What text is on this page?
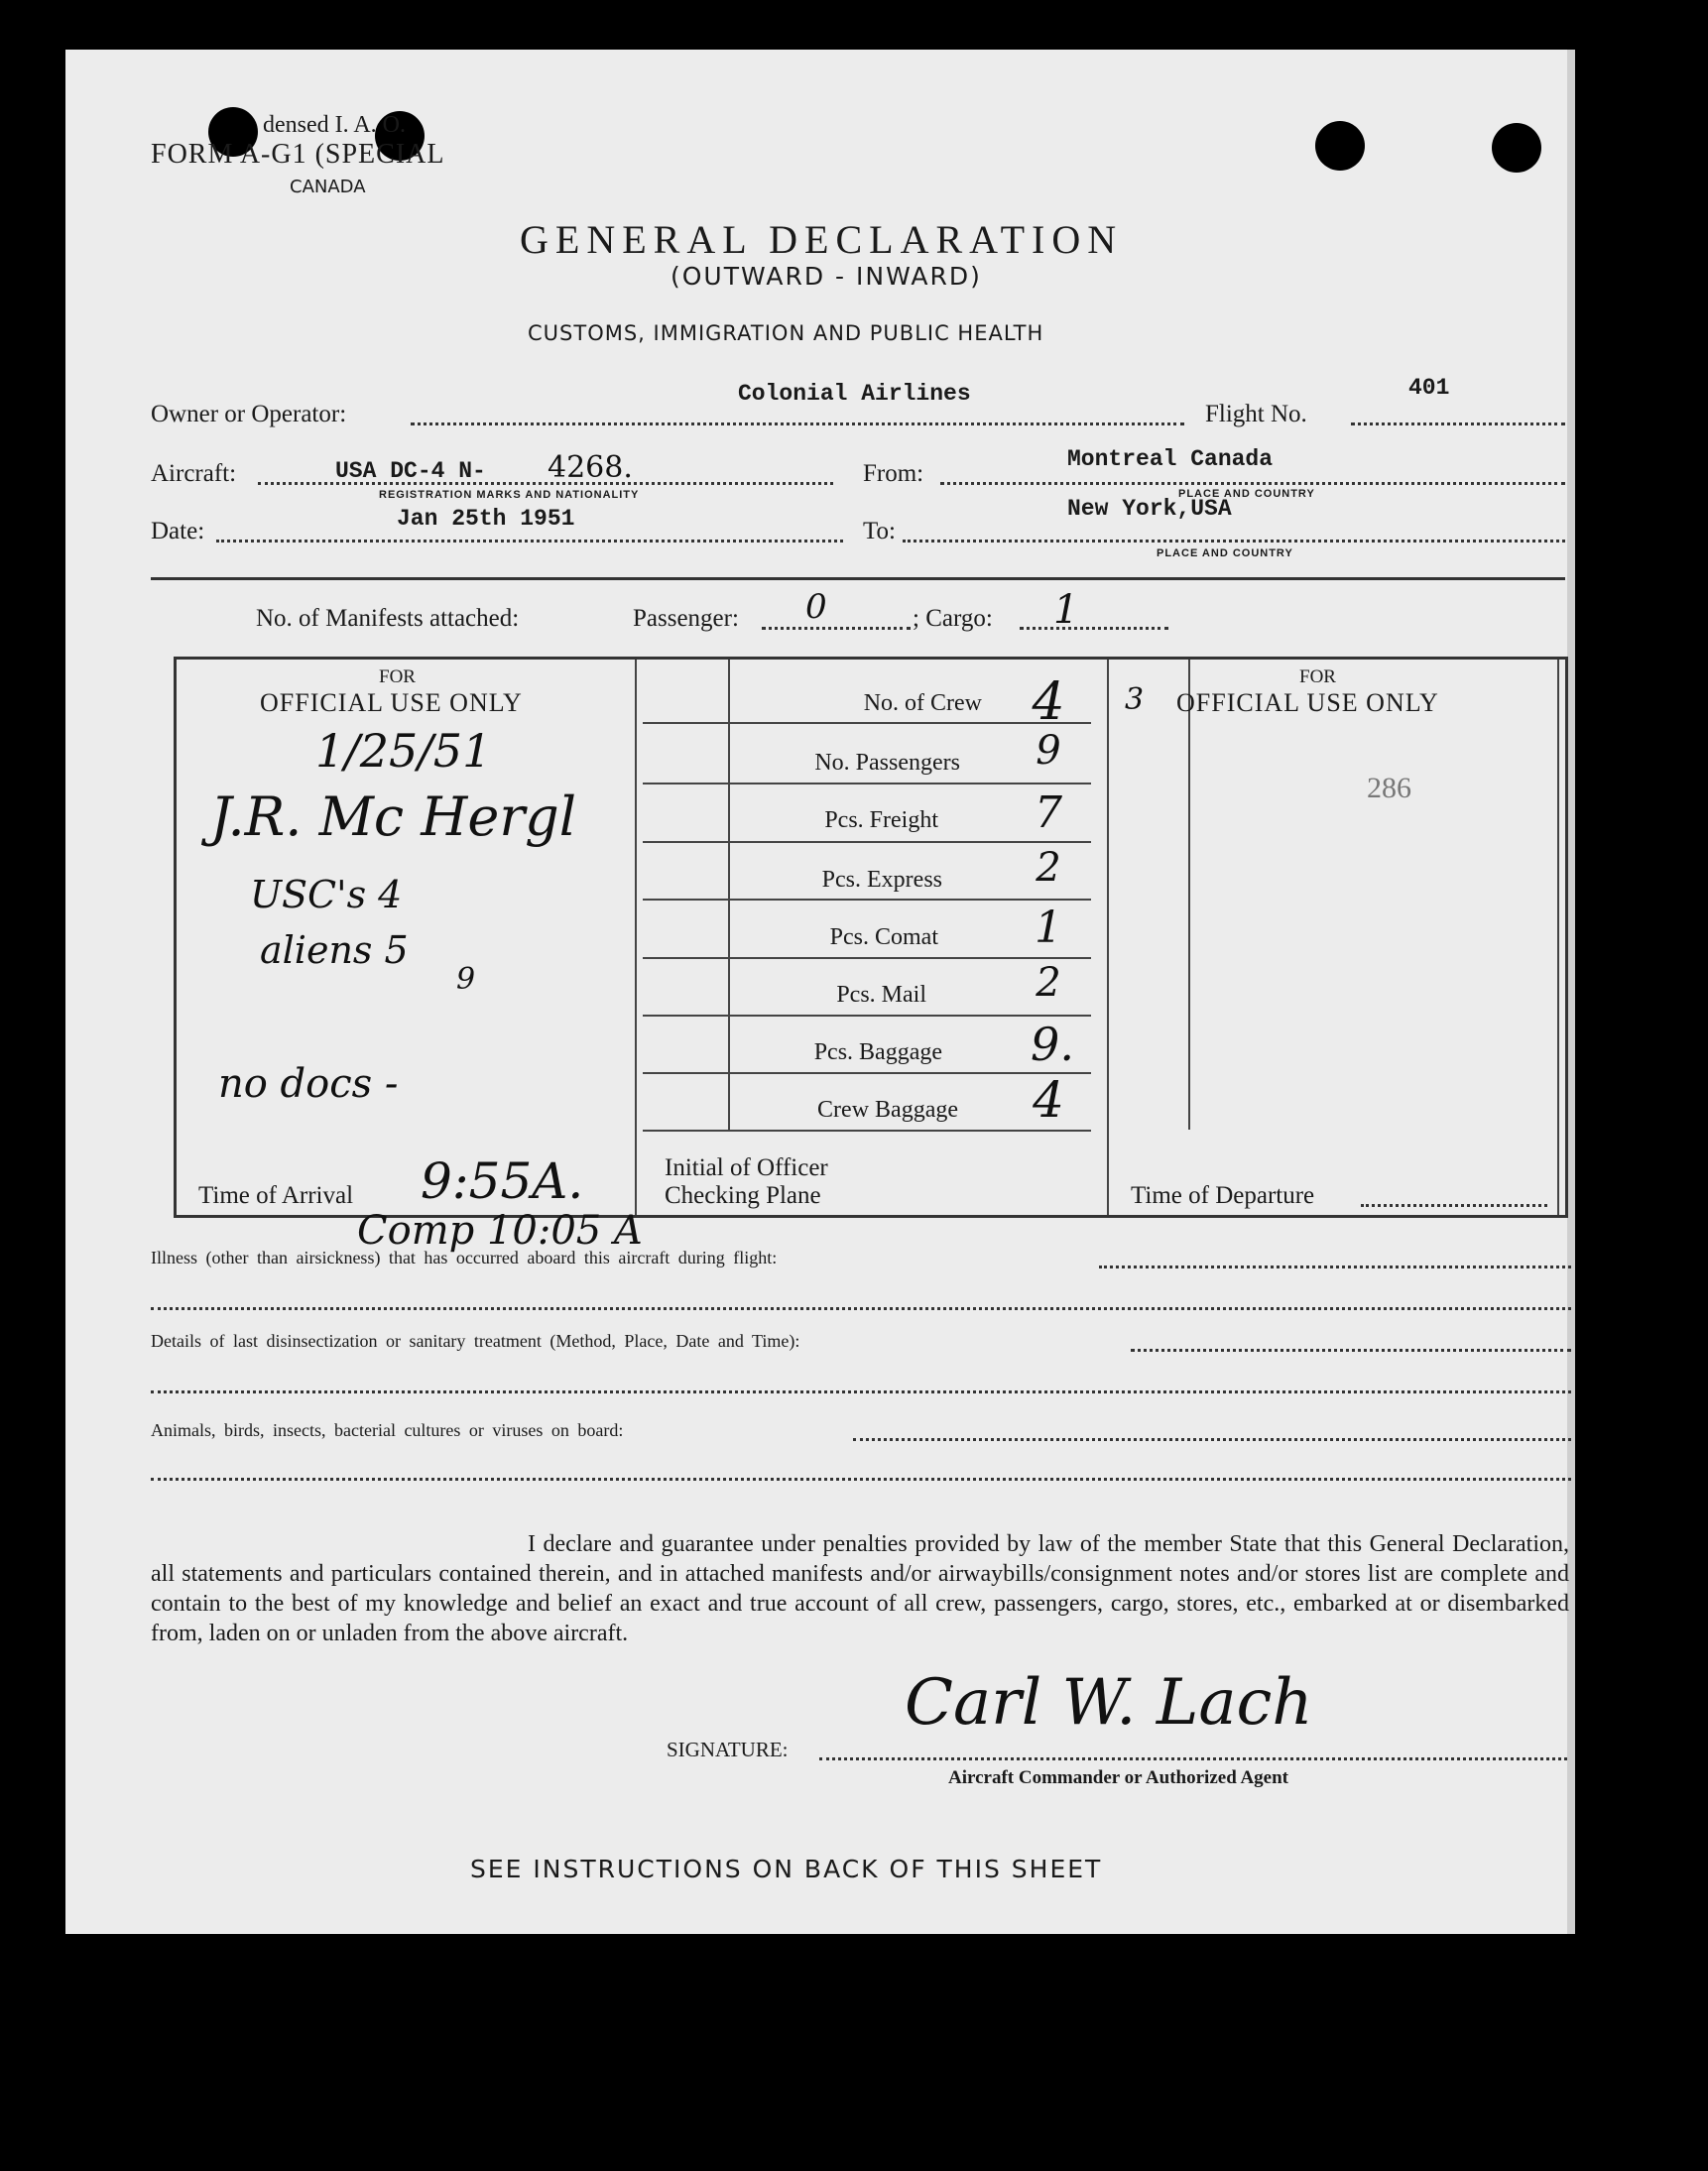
densed I. A. O.
FORM A-G1 (SPECIAL
CANADA
GENERAL DECLARATION
(OUTWARD - INWARD)
CUSTOMS, IMMIGRATION AND PUBLIC HEALTH
Owner or Operator:
Colonial Airlines
Flight No.
401
Aircraft:	USA DC-4 N- 4268.
REGISTRATION MARKS AND NATIONALITY
From:
Montreal Canada
PLACE AND COUNTRY
Date:	Jan 25th 1951	To:
New York,USA
PLACE AND COUNTRY
No. of Manifests attached:	Passenger: 0	; Cargo: 1
FOR
OFFICIAL USE ONLY
1/25/51
J.R. Mc Hergl
USC's 4
aliens 5
9
no docs -
Time of Arrival 9:55A.
Comp 10:05 A
No. of Crew 4
No. Passengers	9
Pcs. Freight	7
Pcs. Express	2
Pcs. Comat	1
Pcs. Mail	2
Pcs. Baggage	9.
Crew Baggage	4
Initial of Officer
Checking Plane
3
FOR
OFFICIAL USE ONLY
286
Time of Departure
Illness (other than airsickness) that has occurred aboard this aircraft during flight:
Details of last disinsectization or sanitary treatment (Method, Place, Date and Time):
Animals, birds, insects, bacterial cultures or viruses on board:
I declare and guarantee under penalties provided by law of the member State that this General Declaration, all statements and particulars contained therein, and in attached manifests and/or airwaybills/consignment notes and/or stores list are complete and contain to the best of my knowledge and belief an exact and true account of all crew, passengers, cargo, stores, etc., embarked at or disembarked from, laden on or unladen from the above aircraft.
SIGNATURE:
Carl W. Lach
Aircraft Commander or Authorized Agent
SEE INSTRUCTIONS ON BACK OF THIS SHEET
